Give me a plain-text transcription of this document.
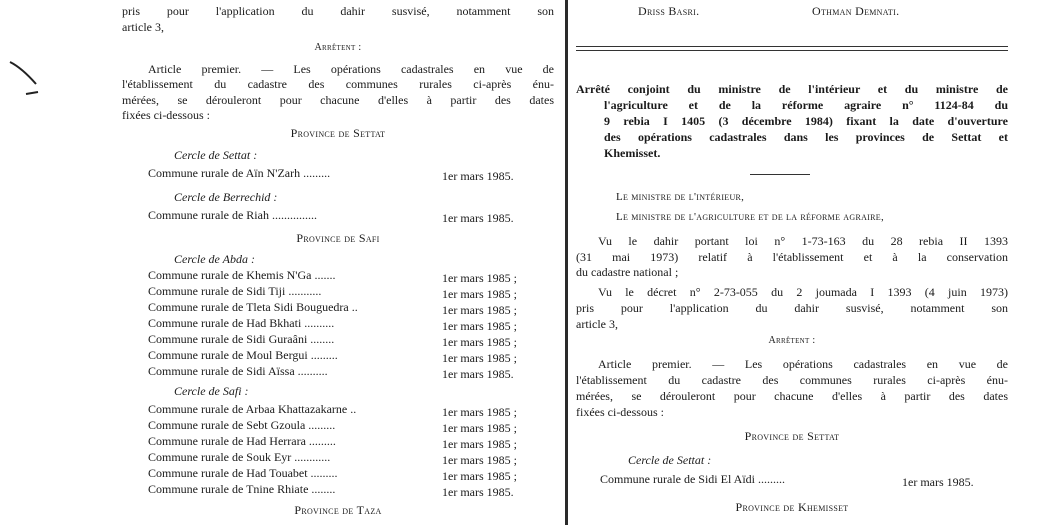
pris pour l'application du dahir susvisé, notamment son
article 3,
Arrêtent :
Article premier. — Les opérations cadastrales en vue de
l'établissement du cadastre des communes rurales ci-après énu-
mérées, se dérouleront pour chacune d'elles à partir des dates
fixées ci-dessous :
Province de Settat
Cercle de Settat :
Commune rurale de Aïn N'Zarh .........	1er mars 1985.
Cercle de Berrechid :
Commune rurale de Riah ...............	1er mars 1985.
Province de Safi
Cercle de Abda :
Commune rurale de Khemis N'Ga .......	1er mars 1985 ;
Commune rurale de Sidi Tiji ...........	1er mars 1985 ;
Commune rurale de Tleta Sidi Bouguedra ..	1er mars 1985 ;
Commune rurale de Had Bkhati ..........	1er mars 1985 ;
Commune rurale de Sidi Guraâni ........	1er mars 1985 ;
Commune rurale de Moul Bergui .........	1er mars 1985 ;
Commune rurale de Sidi Aïssa ..........	1er mars 1985.
Cercle de Safi :
Commune rurale de Arbaa Khattazakarne ..	1er mars 1985 ;
Commune rurale de Sebt Gzoula .........	1er mars 1985 ;
Commune rurale de Had Herrara .........	1er mars 1985 ;
Commune rurale de Souk Eyr ............	1er mars 1985 ;
Commune rurale de Had Touabet .........	1er mars 1985 ;
Commune rurale de Tnine Rhiate ........	1er mars 1985.
Province de Taza
Driss Basri.	Othman Demnati.
Arrêté conjoint du ministre de l'intérieur et du ministre de
l'agriculture et de la réforme agraire n° 1124-84 du
9 rebia I 1405 (3 décembre 1984) fixant la date d'ouverture
des opérations cadastrales dans les provinces de Settat et
Khemisset.
Le ministre de l'intérieur,
Le ministre de l'agriculture et de la réforme agraire,
Vu le dahir portant loi n° 1-73-163 du 28 rebia II 1393
(31 mai 1973) relatif à l'établissement et à la conservation
du cadastre national ;
Vu le décret n° 2-73-055 du 2 joumada I 1393 (4 juin 1973)
pris pour l'application du dahir susvisé, notamment son
article 3,
Arrêtent :
Article premier. — Les opérations cadastrales en vue de
l'établissement du cadastre des communes rurales ci-après énu-
mérées, se dérouleront pour chacune d'elles à partir des dates
fixées ci-dessous :
Province de Settat
Cercle de Settat :
Commune rurale de Sidi El Aïdi .........	1er mars 1985.
Province de Khemisset
